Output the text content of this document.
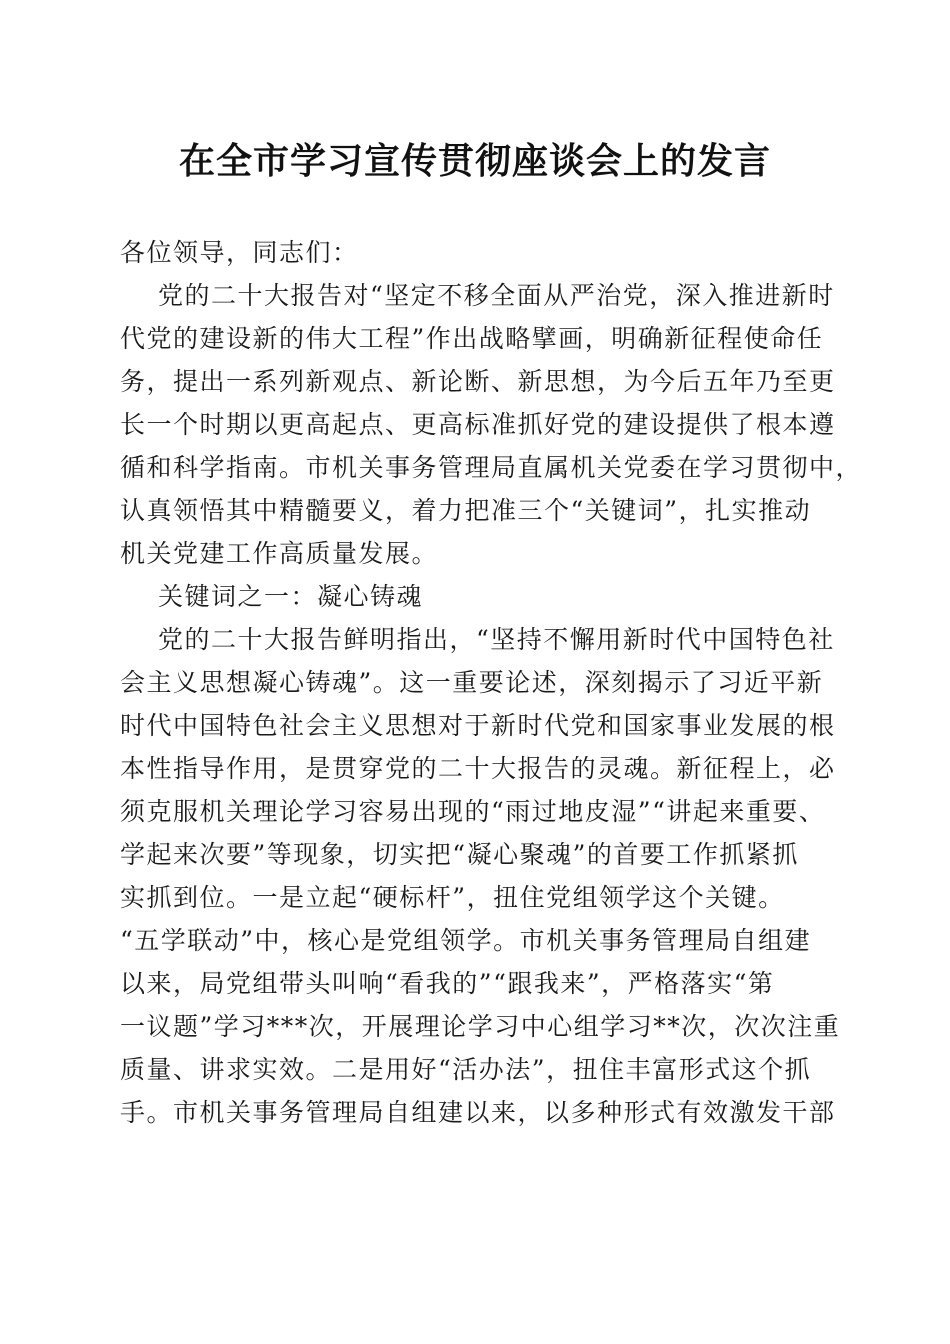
在全市学习宣传贯彻座谈会上的发言
各位领导，同志们：
党的二十大报告对“坚定不移全面从严治党，深入推进新时
代党的建设新的伟大工程”作出战略擘画，明确新征程使命任
务，提出一系列新观点、新论断、新思想，为今后五年乃至更
长一个时期以更高起点、更高标准抓好党的建设提供了根本遵
循和科学指南。市机关事务管理局直属机关党委在学习贯彻中，
认真领悟其中精髓要义，着力把准三个“关键词”，扎实推动
机关党建工作高质量发展。
关键词之一：凝心铸魂
党的二十大报告鲜明指出，“坚持不懈用新时代中国特色社
会主义思想凝心铸魂”。这一重要论述，深刻揭示了习近平新
时代中国特色社会主义思想对于新时代党和国家事业发展的根
本性指导作用，是贯穿党的二十大报告的灵魂。新征程上，必
须克服机关理论学习容易出现的“雨过地皮湿”“讲起来重要、
学起来次要”等现象，切实把“凝心聚魂”的首要工作抓紧抓
实抓到位。一是立起“硬标杆”，扭住党组领学这个关键。
“五学联动”中，核心是党组领学。市机关事务管理局自组建
以来，局党组带头叫响“看我的”“跟我来”，严格落实“第
一议题”学习***次，开展理论学习中心组学习**次，次次注重
质量、讲求实效。二是用好“活办法”，扭住丰富形式这个抓
手。市机关事务管理局自组建以来，以多种形式有效激发干部
